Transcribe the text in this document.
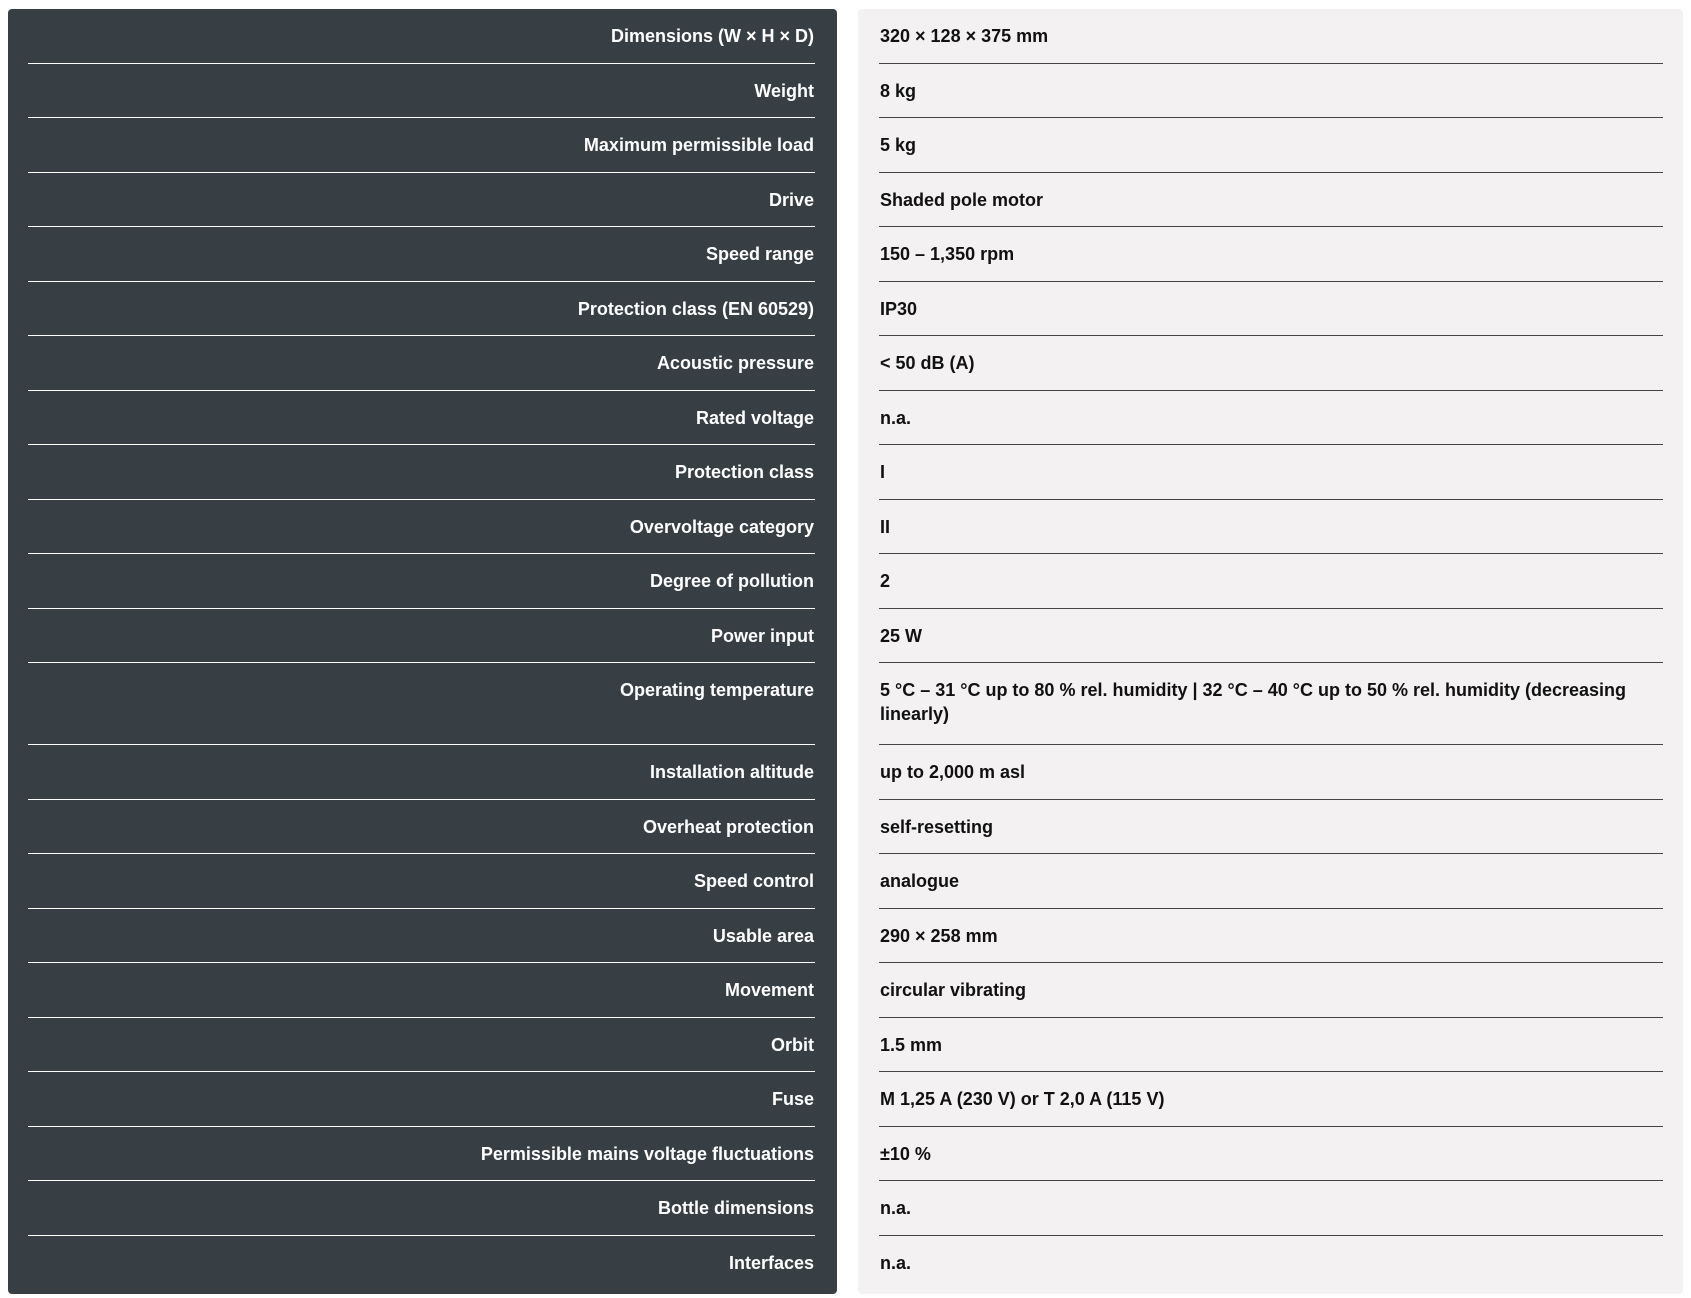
Dimensions (W × H × D)
Weight
Maximum permissible load
Drive
Speed range
Protection class (EN 60529)
Acoustic pressure
Rated voltage
Protection class
Overvoltage category
Degree of pollution
Power input
Operating temperature
Installation altitude
Overheat protection
Speed control
Usable area
Movement
Orbit
Fuse
Permissible mains voltage fluctuations
Bottle dimensions
Interfaces
320 × 128 × 375 mm
8 kg
5 kg
Shaded pole motor
150 – 1,350 rpm
IP30
< 50 dB (A)
n.a.
I
II
2
25 W
5 °C – 31 °C up to 80 % rel. humidity | 32 °C – 40 °C up to 50 % rel. humidity (decreasing linearly)
up to 2,000 m asl
self-resetting
analogue
290 × 258 mm
circular vibrating
1.5 mm
M 1,25 A (230 V) or T 2,0 A (115 V)
±10 %
n.a.
n.a.
